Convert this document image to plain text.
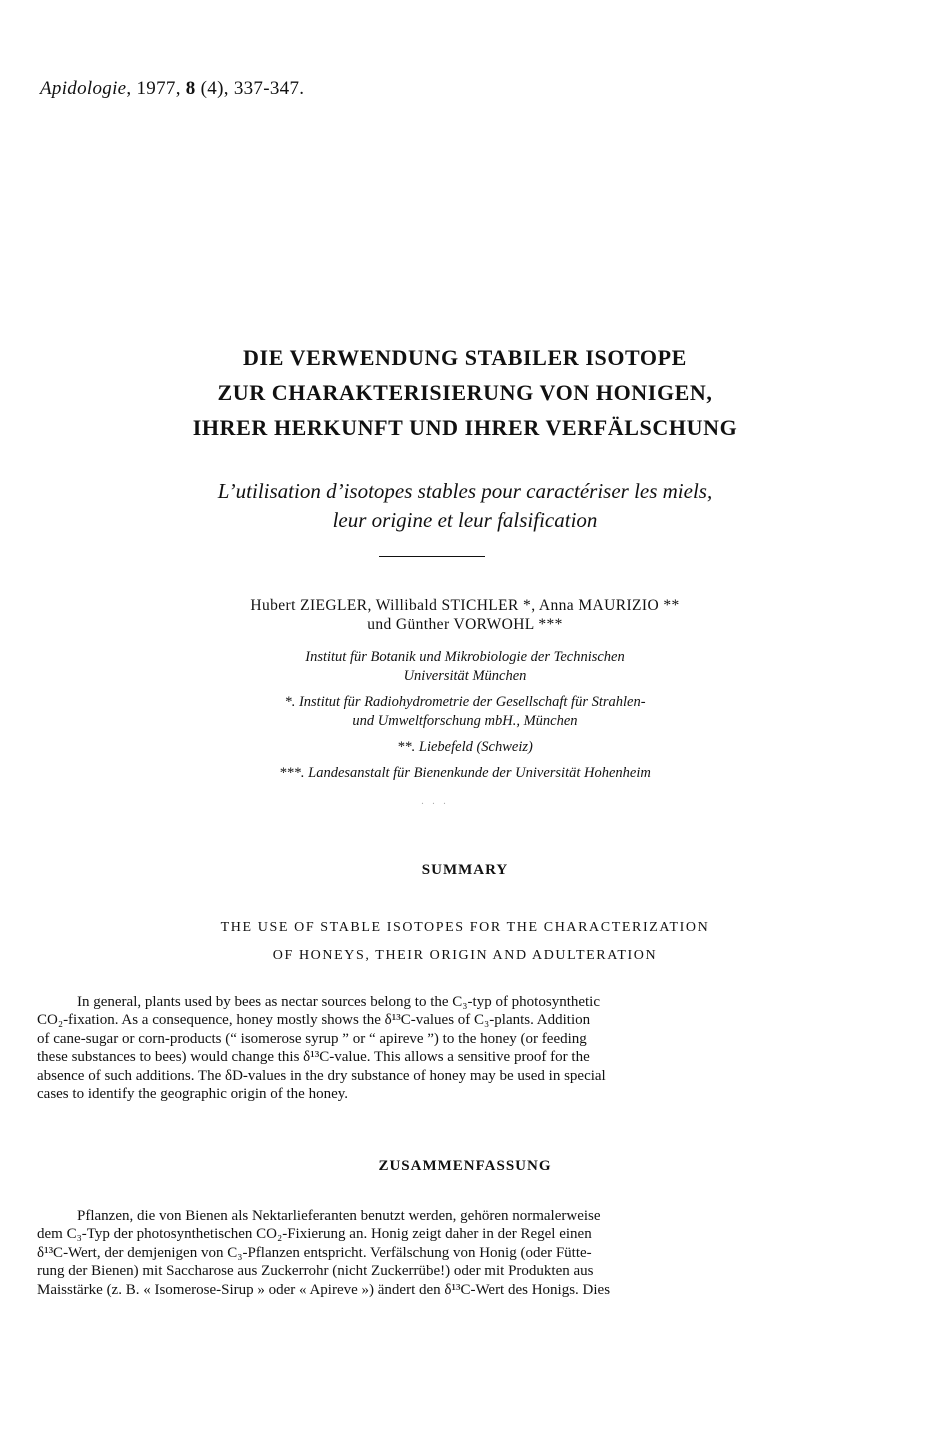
Apidologie, 1977, 8 (4), 337-347.
DIE VERWENDUNG STABILER ISOTOPE
ZUR CHARAKTERISIERUNG VON HONIGEN,
IHRER HERKUNFT UND IHRER VERFÄLSCHUNG
L’utilisation d’isotopes stables pour caractériser les miels,
leur origine et leur falsification
Hubert ZIEGLER, Willibald STICHLER *, Anna MAURIZIO **
und Günther VORWOHL ***
Institut für Botanik und Mikrobiologie der Technischen
Universität München
*. Institut für Radiohydrometrie der Gesellschaft für Strahlen-
und Umweltforschung mbH., München
**. Liebefeld (Schweiz)
***. Landesanstalt für Bienenkunde der Universität Hohenheim
. . .
SUMMARY
THE USE OF STABLE ISOTOPES FOR THE CHARACTERIZATION
OF HONEYS, THEIR ORIGIN AND ADULTERATION
In general, plants used by bees as nectar sources belong to the C₃-typ of photosynthetic
CO₂-fixation. As a consequence, honey mostly shows the δ¹³C-values of C₃-plants. Addition
of cane-sugar or corn-products (“ isomerose syrup ” or “ apireve ”) to the honey (or feeding
these substances to bees) would change this δ¹³C-value. This allows a sensitive proof for the
absence of such additions. The δD-values in the dry substance of honey may be used in special
cases to identify the geographic origin of the honey.
ZUSAMMENFASSUNG
Pflanzen, die von Bienen als Nektarlieferanten benutzt werden, gehören normalerweise
dem C₃-Typ der photosynthetischen CO₂-Fixierung an. Honig zeigt daher in der Regel einen
δ¹³C-Wert, der demjenigen von C₃-Pflanzen entspricht. Verfälschung von Honig (oder Fütte-
rung der Bienen) mit Saccharose aus Zuckerrohr (nicht Zuckerrübe!) oder mit Produkten aus
Maisstärke (z. B. « Isomerose-Sirup » oder « Apireve ») ändert den δ¹³C-Wert des Honigs. Dies
